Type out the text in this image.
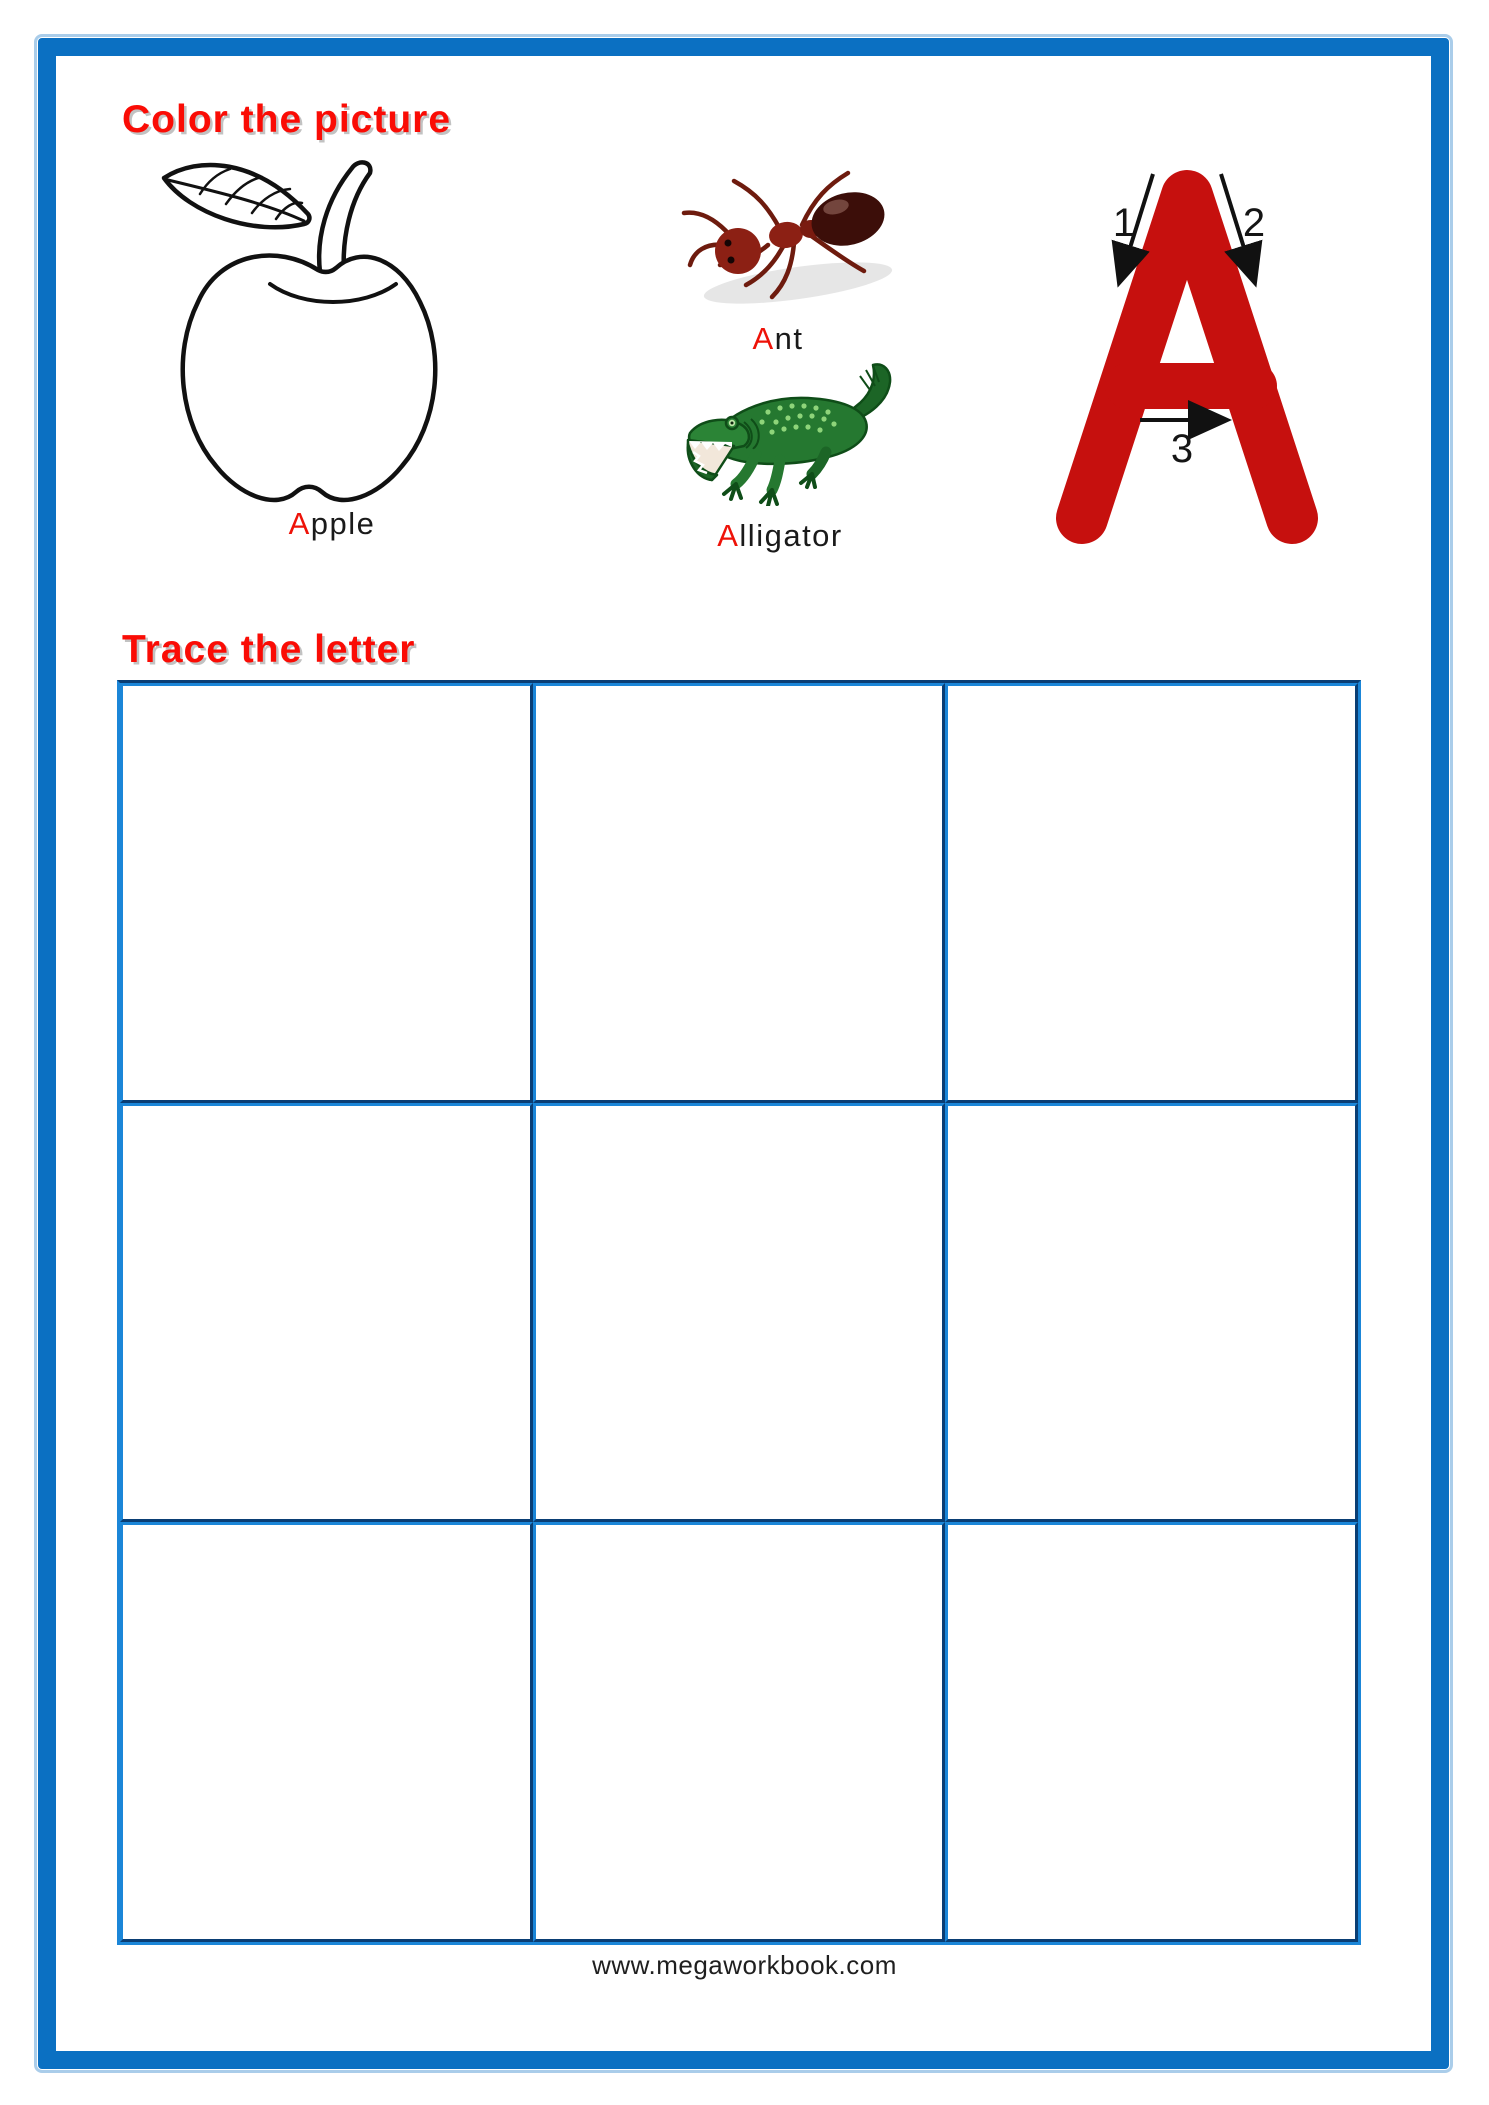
Color the picture
Apple
Ant
Alligator
1	2
3
Trace the letter
www.megaworkbook.com
